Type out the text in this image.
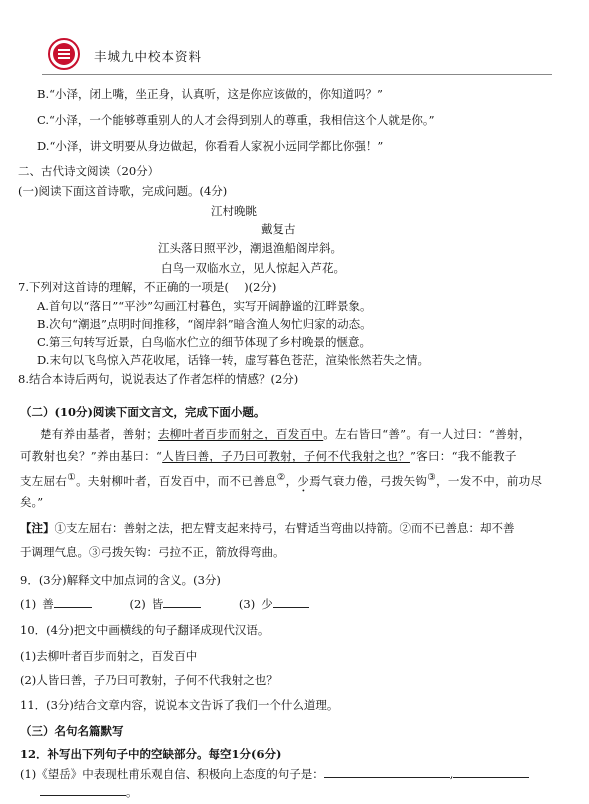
丰城九中校本资料
B.“小泽，闭上嘴，坐正身，认真听，这是你应该做的，你知道吗？”
C.“小泽，一个能够尊重别人的人才会得到别人的尊重，我相信这个人就是你。”
D.“小泽，讲文明要从身边做起，你看看人家祝小远同学都比你强！”
二、古代诗文阅读（20分）
(一)阅读下面这首诗歌，完成问题。(4分)
江村晚眺
戴复古
江头落日照平沙，潮退渔船阁岸斜。
白鸟一双临水立，见人惊起入芦花。
7.下列对这首诗的理解，不正确的一项是(　 )(2分)
A.首句以“落日”“平沙”勾画江村暮色，实写开阔静谧的江畔景象。
B.次句“潮退”点明时间推移，“阁岸斜”暗含渔人匆忙归家的动态。
C.第三句转写近景，白鸟临水伫立的细节体现了乡村晚景的惬意。
D.末句以飞鸟惊入芦花收尾，话锋一转，虚写暮色苍茫，渲染怅然若失之情。
8.结合本诗后两句，说说表达了作者怎样的情感？(2分)
（二）(10分)阅读下面文言文，完成下面小题。
楚有养由基者，善射；去柳叶者百步而射之，百发百中。左右皆曰“善”。有一人过曰：“善射，
可教射也矣？”养由基曰：“人皆曰善，子乃曰可教射，子何不代我射之也？”客曰：“我不能教子
支左屈右①。夫射柳叶者，百发百中，而不已善息②，少焉气衰力倦，弓拨矢钩③，一发不中，前功尽
矣。”
【注】①支左屈右：善射之法，把左臂支起来持弓，右臂适当弯曲以持箭。②而不已善息：却不善
于调理气息。③弓拨矢钩：弓拉不正，箭放得弯曲。
9．(3分)解释文中加点词的含义。(3分)
(1) 善	(2) 皆	(3) 少
10．(4分)把文中画横线的句子翻译成现代汉语。
(1)去柳叶者百步而射之，百发百中
(2)人皆曰善，子乃曰可教射，子何不代我射之也？
11．(3分)结合文章内容，说说本文告诉了我们一个什么道理。
（三）名句名篇默写
12．补写出下列句子中的空缺部分。每空1分(6分)
(1)《望岳》中表现杜甫乐观自信、积极向上态度的句子是：	,
。
